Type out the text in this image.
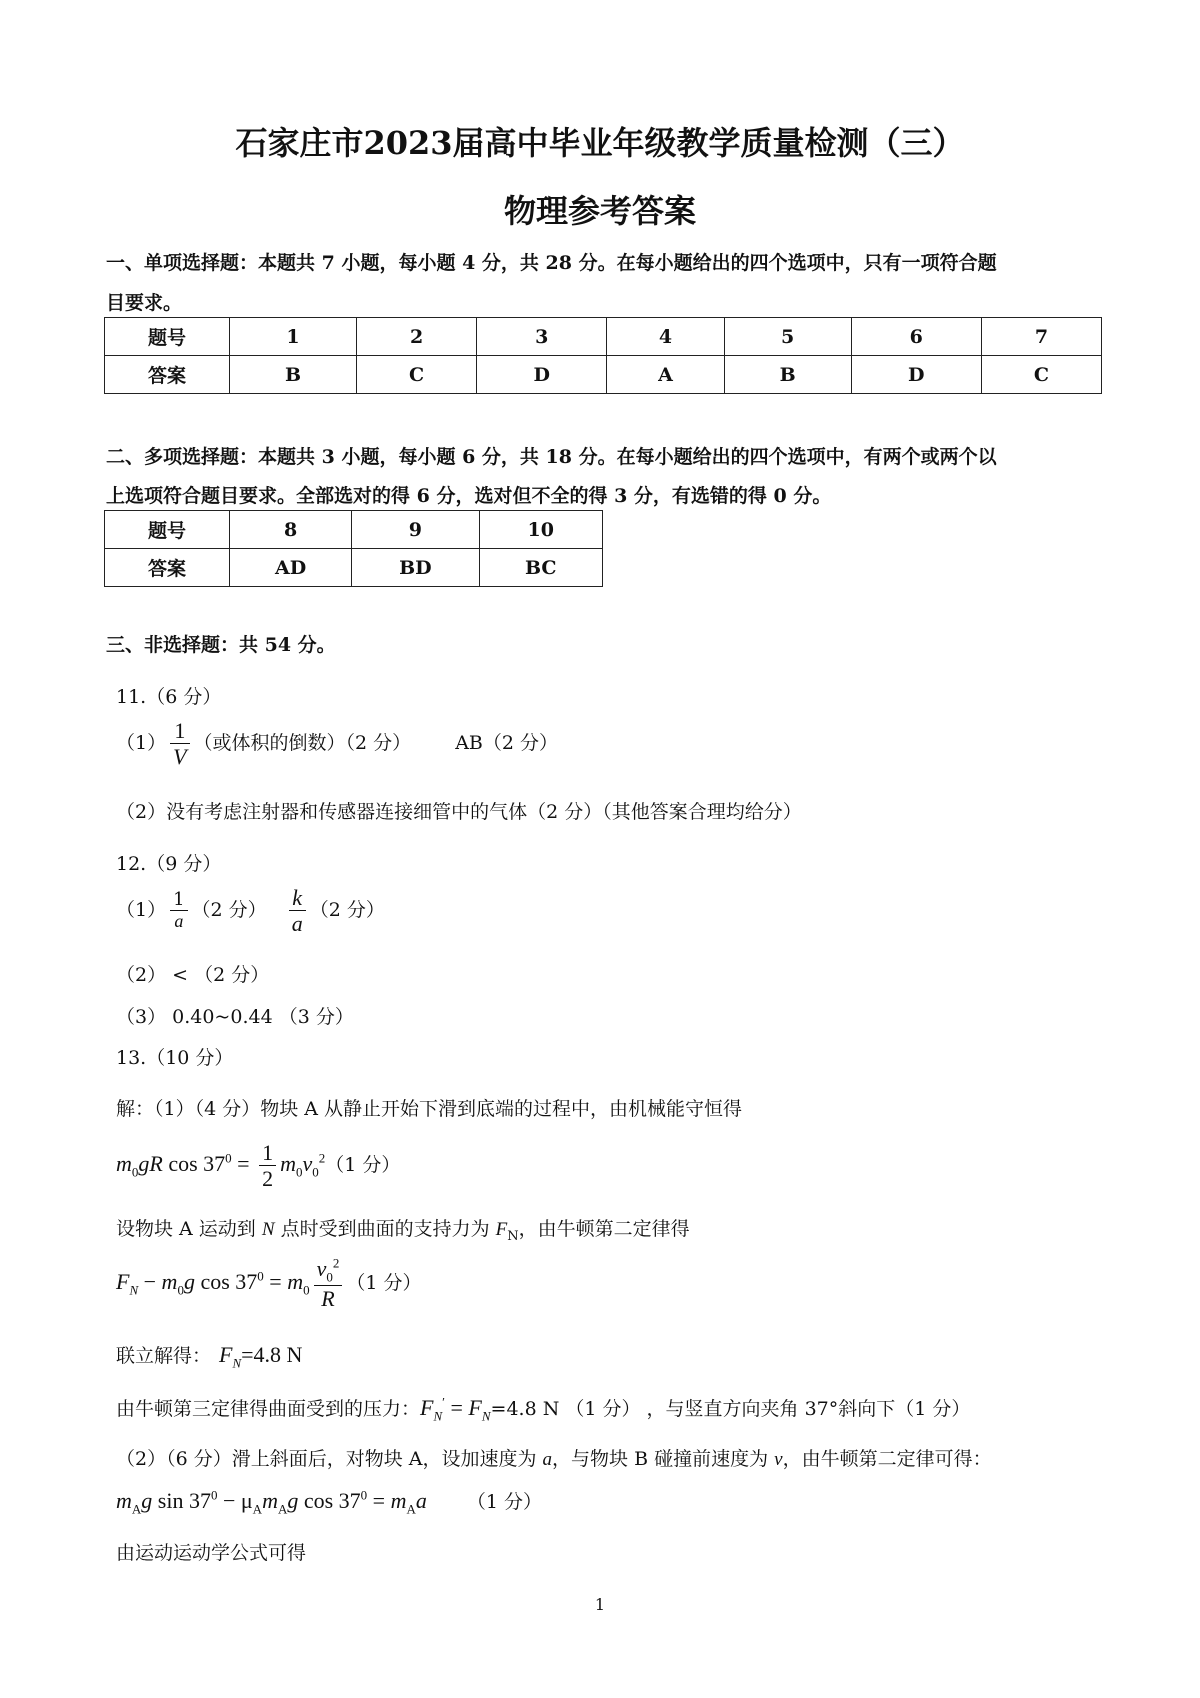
石家庄市2023届高中毕业年级教学质量检测（三）
物理参考答案
一、单项选择题：本题共 7 小题，每小题 4 分，共 28 分。在每小题给出的四个选项中，只有一项符合题
目要求。
题号	1	2	3	4	5	6	7
答案	B	C	D	A	B	D	C
二、多项选择题：本题共 3 小题，每小题 6 分，共 18 分。在每小题给出的四个选项中，有两个或两个以
上选项符合题目要求。全部选对的得 6 分，选对但不全的得 3 分，有选错的得 0 分。
题号	8	9	10
答案	AD	BD	BC
三、非选择题：共 54 分。
11.（6 分）
$(1) \frac{1}{V}$ （或体积的倒数）（2 分） AB（2 分）
（2）没有考虑注射器和传感器连接细管中的气体（2 分）（其他答案合理均给分）
12.（9 分）
$(1) \frac{1}{a} (2$ 分） $\frac{k}{a} (2$ 分）
（2） < （2 分）
（3） 0.40~0.44 （3 分）
13.（10 分）
解：（1）（4 分）物块 A 从静止开始下滑到底端的过程中，由机械能守恒得
$m_0gR$ $\cos 37^0 = \frac{1}{2} m_0v_0^2(1$ 分）
设物块 A 运动到 N 点时受到曲面的支持力为 $F_N$，由牛顿第二定律得
$F_N - m_0g$ $\cos 37^0 = m_0 \frac{v_0^2}{R} (1$ 分）
联立解得： $F_N=4.8$ N
由牛顿第三定律得曲面受到的压力：$F_N' = F_N=4.8$ N （1 分） ，与竖直方向夹角 37°斜向下（1 分）
（2）（6 分）滑上斜面后，对物块 A，设加速度为 a，与物块 B 碰撞前速度为 v，由牛顿第二定律可得：
$m_Ag$ $\sin 37^0 - \mu_Am_Ag$ $\cos 37^0 = m_Aa$ （1 分）
由运动运动学公式可得
1
